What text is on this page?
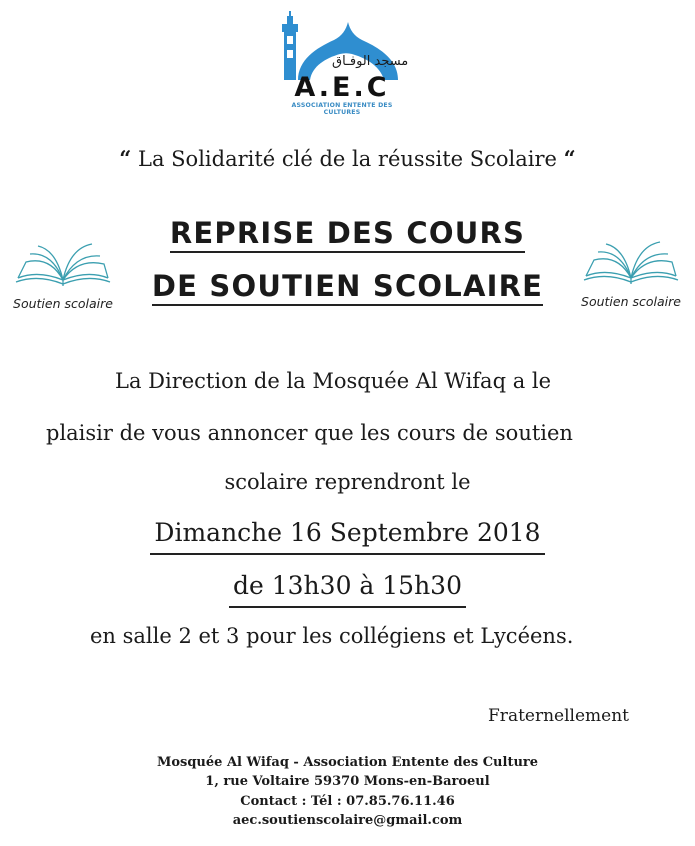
مسجد الوفـاق
A.E.C
ASSOCIATION ENTENTE DES CULTURES
“ La Solidarité clé de la réussite Scolaire “
REPRISE DES COURS
DE SOUTIEN SCOLAIRE
Soutien scolaire	Soutien scolaire
La Direction de la Mosquée Al Wifaq a le
plaisir de vous annoncer que les cours de soutien
scolaire reprendront le
Dimanche 16 Septembre 2018
de 13h30 à 15h30
en salle 2 et 3 pour les collégiens et Lycéens.
Fraternellement
Mosquée Al Wifaq - Association Entente des Culture
1, rue Voltaire 59370 Mons-en-Baroeul
Contact : Tél : 07.85.76.11.46
aec.soutienscolaire@gmail.com
